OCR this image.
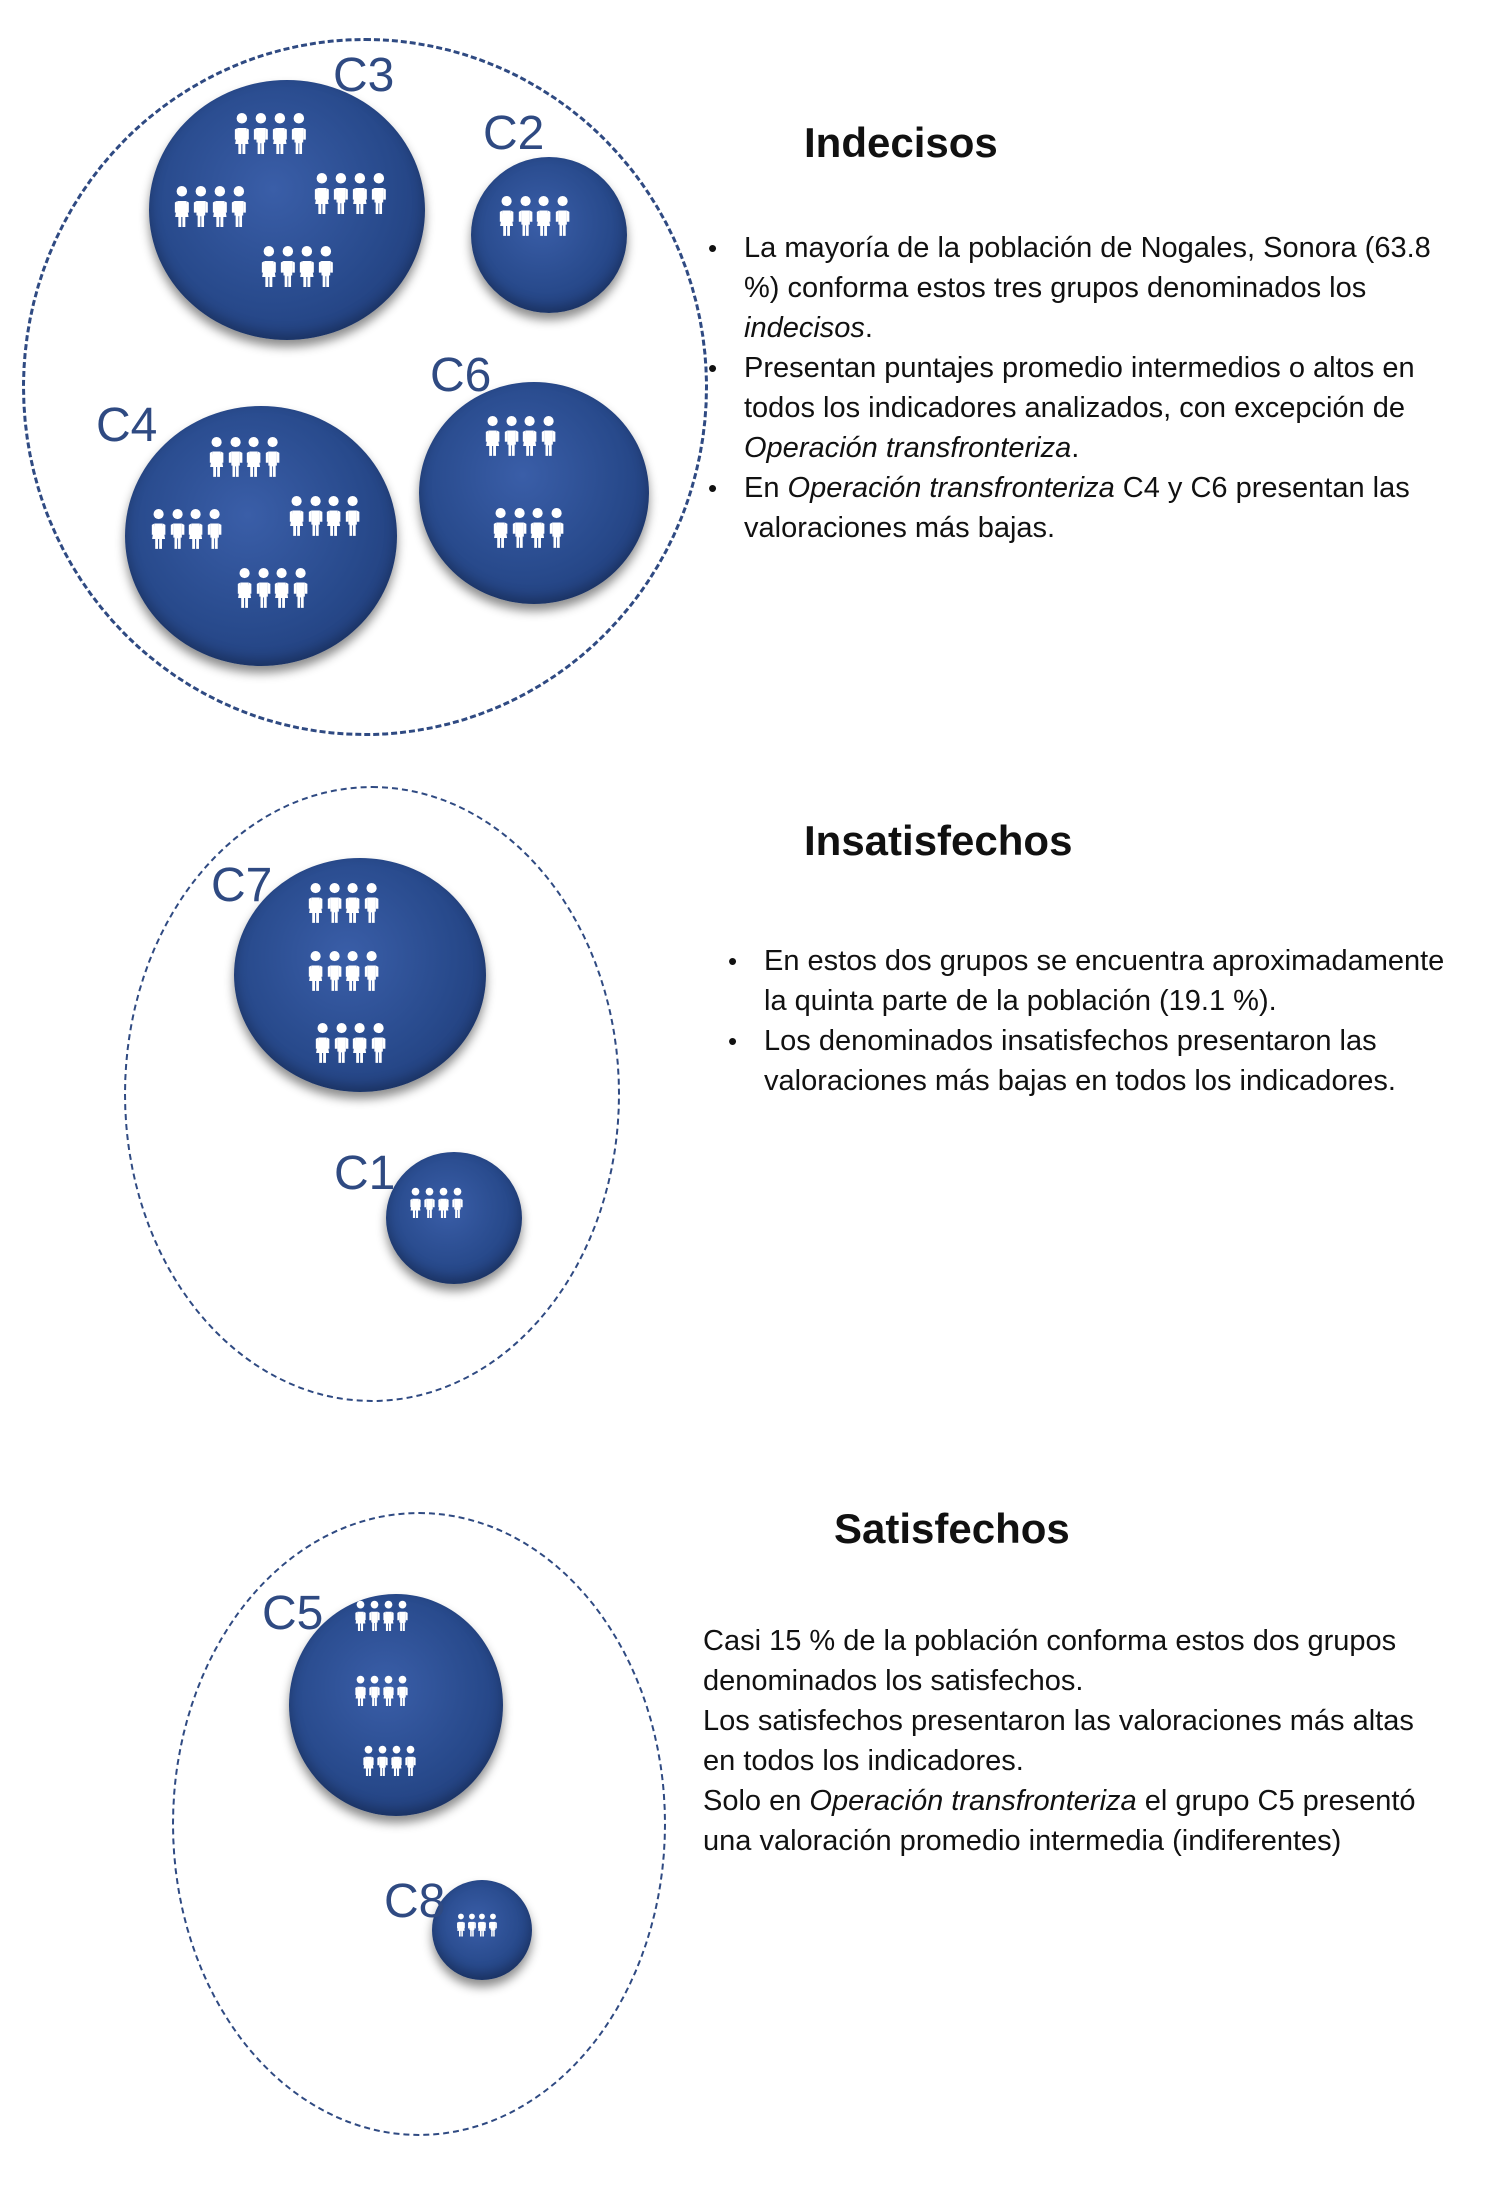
C3
C2
C4
C6
C7
C1
C5
C8
Indecisos
• La mayoría de la población de Nogales, Sonora (63.8 %) conforma estos tres grupos denominados los indecisos.
• Presentan puntajes promedio intermedios o altos en todos los indicadores analizados, con excepción de Operación transfronteriza.
• En Operación transfronteriza C4 y C6 presentan las valoraciones más bajas.
Insatisfechos
• En estos dos grupos se encuentra aproximadamente la quinta parte de la población (19.1 %).
• Los denominados insatisfechos presentaron las valoraciones más bajas en todos los indicadores.
Satisfechos

Casi 15 % de la población conforma estos dos grupos denominados los satisfechos.

Los satisfechos presentaron las valoraciones más altas en todos los indicadores.

Solo en Operación transfronteriza el grupo C5 presentó una valoración promedio intermedia (indiferentes)
